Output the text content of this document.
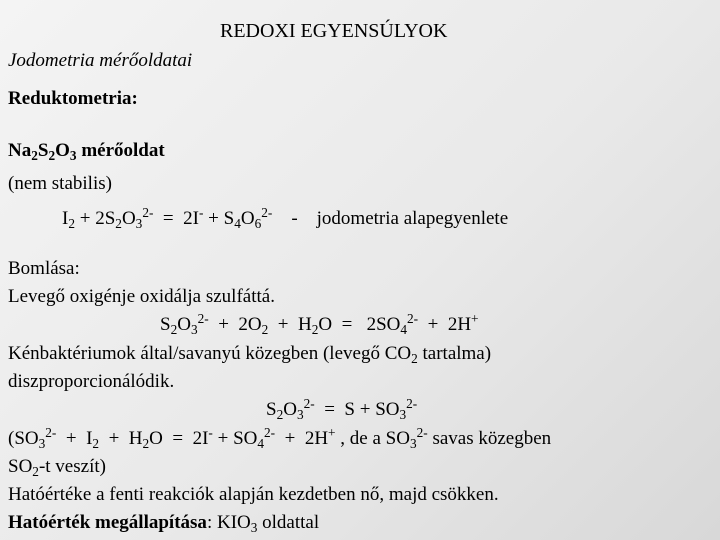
REDOXI EGYENSÚLYOK
Jodometria mérőoldatai
Reduktometria:
$Na_2S_2O_3$ mérőoldat
(nem stabilis)
$I_2 + 2S_2O_3^{2-} = 2I^- + S_4O_6^{2-}$    -    jodometria alapegyenlete
Bomlása:
Levegő oxigénje oxidálja szulfáttá.
$S_2O_3^{2-} + 2O_2 + H_2O = 2SO_4^{2-} + 2H^+$
Kénbaktériumok által/savanyú közegben (levegő $CO_2$ tartalma)
diszproporcionálódik.
$S_2O_3^{2-} = S + SO_3^{2-}$
($SO_3^{2-} + I_2 + H_2O = 2I^- + SO_4^{2-} + 2H^+$ , de a $SO_3^{2-}$ savas közegben
$SO_2-t$ veszít)
Hatóértéke a fenti reakciók alapján kezdetben nő, majd csökken.
Hatóérték megállapítása: $KIO_3$ oldattal
